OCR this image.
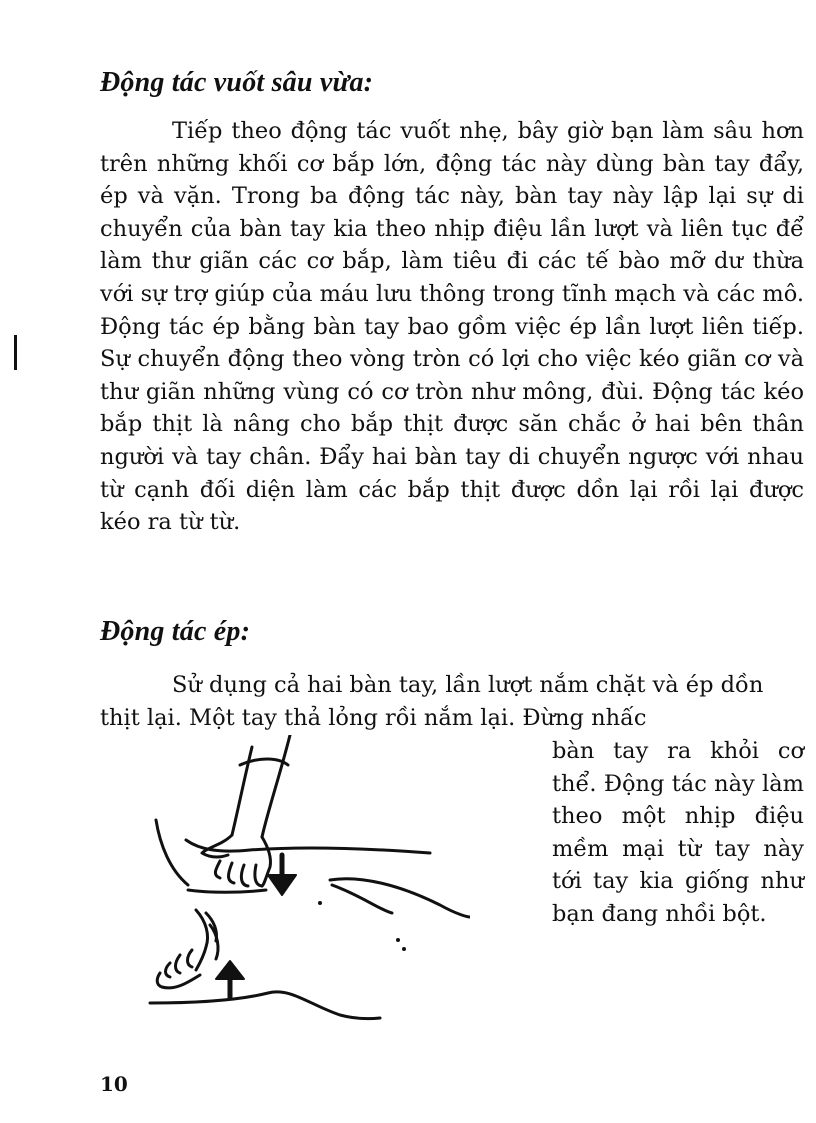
Động tác vuốt sâu vừa:

Tiếp theo động tác vuốt nhẹ, bây giờ bạn làm sâu hơn trên những khối cơ bắp lớn, động tác này dùng bàn tay đẩy, ép và vặn. Trong ba động tác này, bàn tay này lập lại sự di chuyển của bàn tay kia theo nhịp điệu lần lượt và liên tục để làm thư giãn các cơ bắp, làm tiêu đi các tế bào mỡ dư thừa với sự trợ giúp của máu lưu thông trong tĩnh mạch và các mô. Động tác ép bằng bàn tay bao gồm việc ép lần lượt liên tiếp. Sự chuyển động theo vòng tròn có lợi cho việc kéo giãn cơ và thư giãn những vùng có cơ tròn như mông, đùi. Động tác kéo bắp thịt là nâng cho bắp thịt được săn chắc ở hai bên thân người và tay chân. Đẩy hai bàn tay di chuyển ngược với nhau từ cạnh đối diện làm các bắp thịt được dồn lại rồi lại được kéo ra từ từ.

Động tác ép:

Sử dụng cả hai bàn tay, lần lượt nắm chặt và ép dồn thịt lại. Một tay thả lỏng rồi nắm lại. Đừng nhấc

bàn tay ra khỏi cơ thể. Động tác này làm theo một nhịp điệu mềm mại từ tay này tới tay kia giống như bạn đang nhồi bột.

10
